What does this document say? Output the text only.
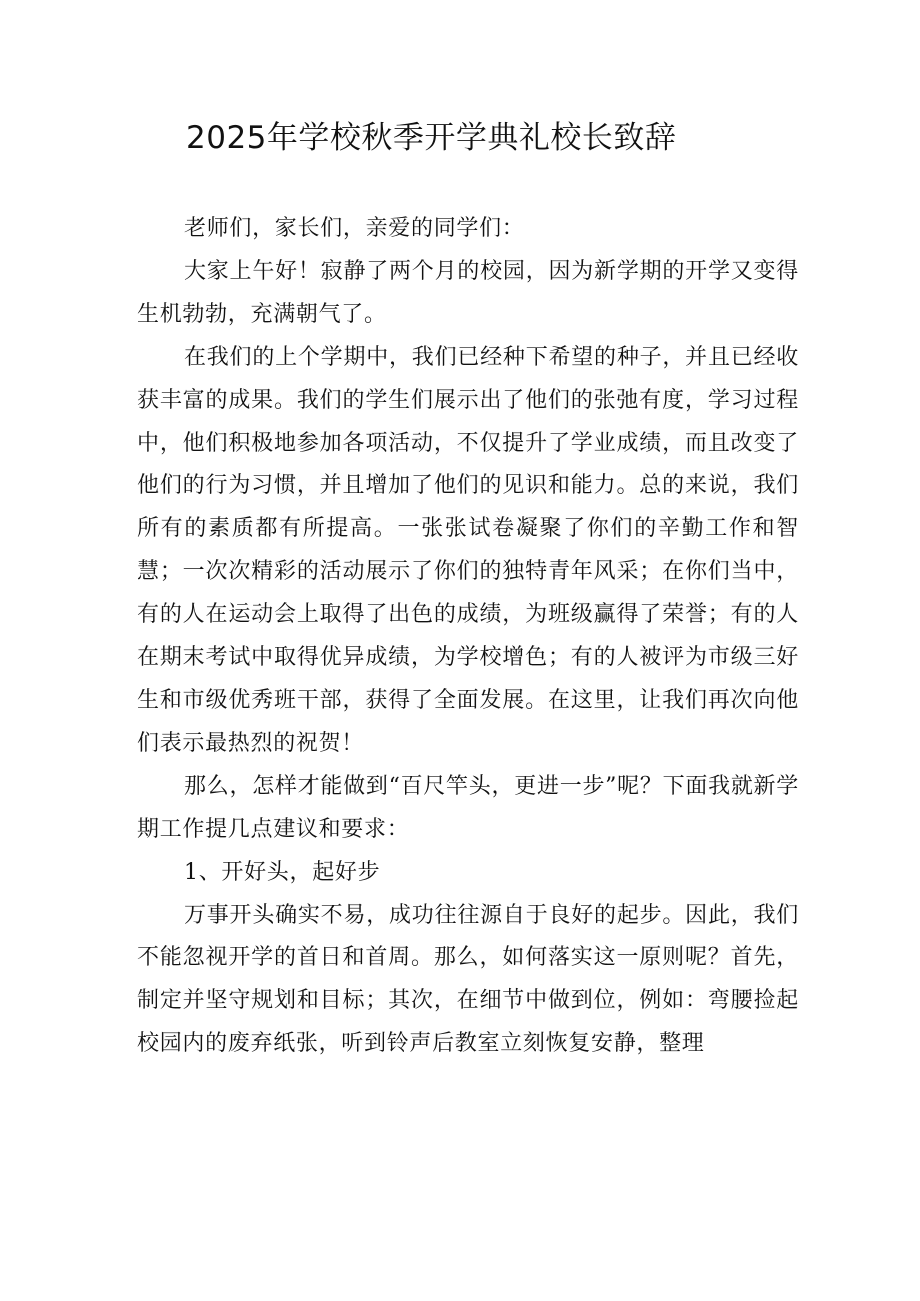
2025年学校秋季开学典礼校长致辞

老师们，家长们，亲爱的同学们：

大家上午好！寂静了两个月的校园，因为新学期的开学又变得生机勃勃，充满朝气了。

在我们的上个学期中，我们已经种下希望的种子，并且已经收获丰富的成果。我们的学生们展示出了他们的张弛有度，学习过程中，他们积极地参加各项活动，不仅提升了学业成绩，而且改变了他们的行为习惯，并且增加了他们的见识和能力。总的来说，我们所有的素质都有所提高。一张张试卷凝聚了你们的辛勤工作和智慧；一次次精彩的活动展示了你们的独特青年风采；在你们当中，有的人在运动会上取得了出色的成绩，为班级赢得了荣誉；有的人在期末考试中取得优异成绩，为学校增色；有的人被评为市级三好生和市级优秀班干部，获得了全面发展。在这里，让我们再次向他们表示最热烈的祝贺！

那么，怎样才能做到“百尺竿头，更进一步”呢？下面我就新学期工作提几点建议和要求：

1、开好头，起好步

万事开头确实不易，成功往往源自于良好的起步。因此，我们不能忽视开学的首日和首周。那么，如何落实这一原则呢？首先，制定并坚守规划和目标；其次，在细节中做到位，例如：弯腰捡起校园内的废弃纸张，听到铃声后教室立刻恢复安静，整理
